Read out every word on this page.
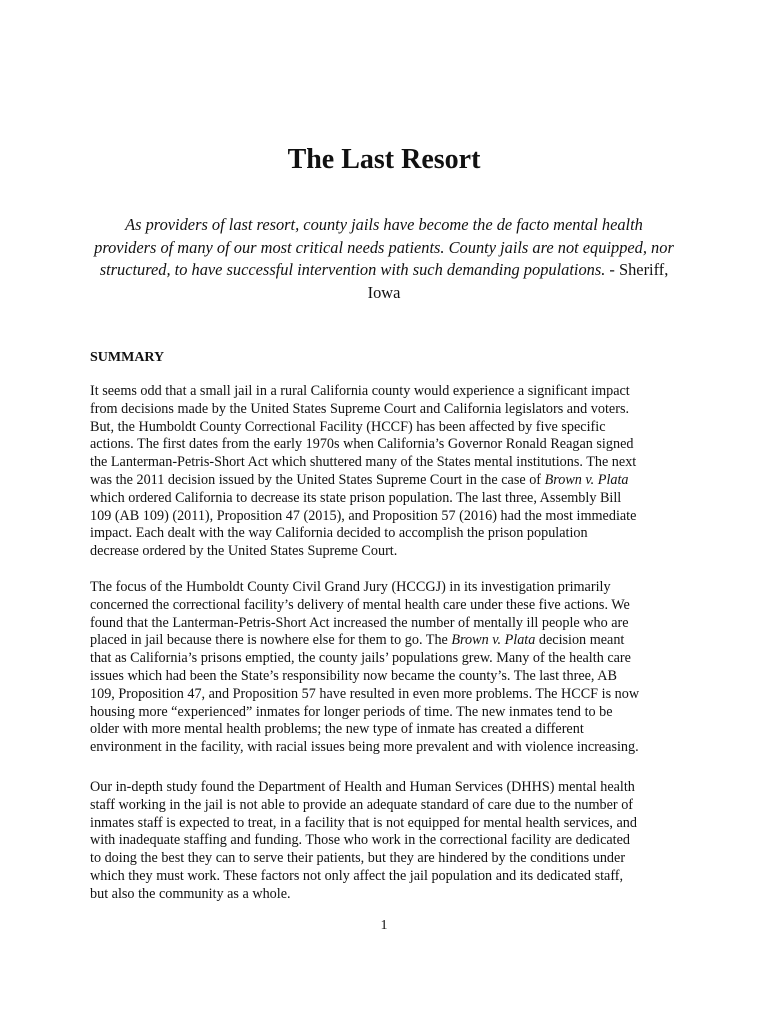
The Last Resort

As providers of last resort, county jails have become the de facto mental health providers of many of our most critical needs patients. County jails are not equipped, nor structured, to have successful intervention with such demanding populations. - Sheriff, Iowa

SUMMARY
It seems odd that a small jail in a rural California county would experience a significant impact
from decisions made by the United States Supreme Court and California legislators and voters.
But, the Humboldt County Correctional Facility (HCCF) has been affected by five specific
actions. The first dates from the early 1970s when California’s Governor Ronald Reagan signed
the Lanterman-Petris-Short Act which shuttered many of the States mental institutions. The next
was the 2011 decision issued by the United States Supreme Court in the case of Brown v. Plata
which ordered California to decrease its state prison population. The last three, Assembly Bill
109 (AB 109) (2011), Proposition 47 (2015), and Proposition 57 (2016) had the most immediate
impact. Each dealt with the way California decided to accomplish the prison population
decrease ordered by the United States Supreme Court.
The focus of the Humboldt County Civil Grand Jury (HCCGJ) in its investigation primarily
concerned the correctional facility’s delivery of mental health care under these five actions. We
found that the Lanterman-Petris-Short Act increased the number of mentally ill people who are
placed in jail because there is nowhere else for them to go. The Brown v. Plata decision meant
that as California’s prisons emptied, the county jails’ populations grew. Many of the health care
issues which had been the State’s responsibility now became the county’s. The last three, AB
109, Proposition 47, and Proposition 57 have resulted in even more problems. The HCCF is now
housing more “experienced” inmates for longer periods of time. The new inmates tend to be
older with more mental health problems; the new type of inmate has created a different
environment in the facility, with racial issues being more prevalent and with violence increasing.
Our in-depth study found the Department of Health and Human Services (DHHS) mental health
staff working in the jail is not able to provide an adequate standard of care due to the number of
inmates staff is expected to treat, in a facility that is not equipped for mental health services, and
with inadequate staffing and funding. Those who work in the correctional facility are dedicated
to doing the best they can to serve their patients, but they are hindered by the conditions under
which they must work. These factors not only affect the jail population and its dedicated staff,
but also the community as a whole.
1
